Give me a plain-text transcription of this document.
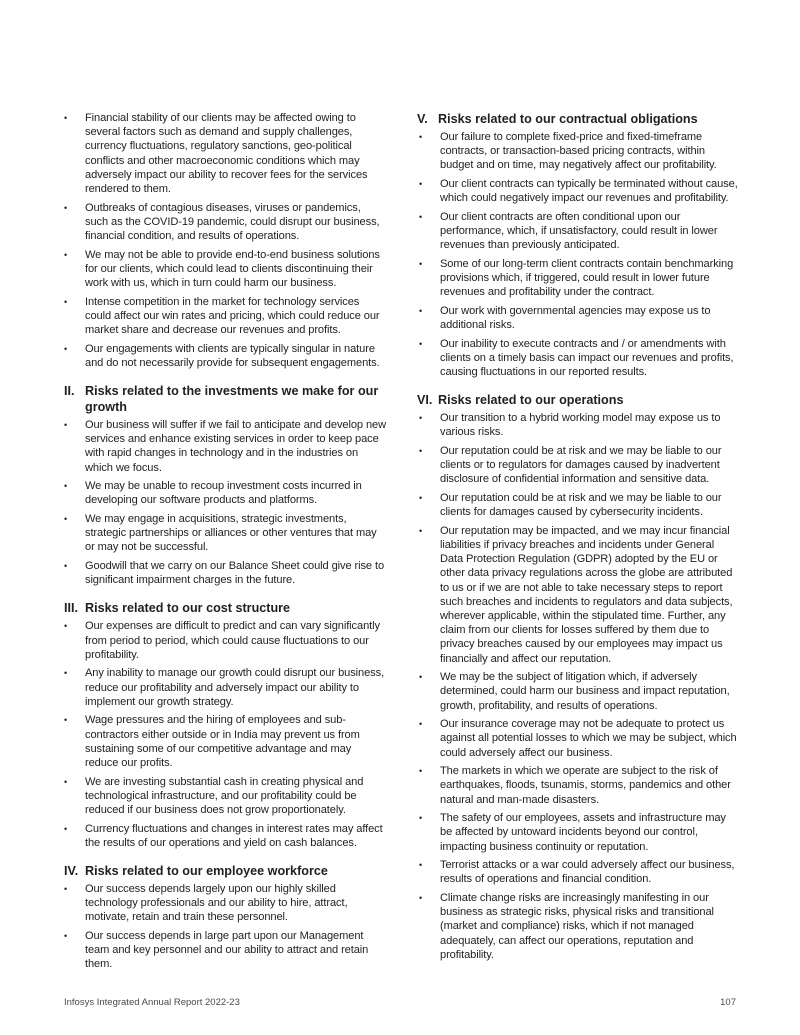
• Financial stability of our clients may be affected owing to several factors such as demand and supply challenges, currency fluctuations, regulatory sanctions, geo-political conflicts and other macroeconomic conditions which may adversely impact our ability to recover fees for the services rendered to them.
• Outbreaks of contagious diseases, viruses or pandemics, such as the COVID-19 pandemic, could disrupt our business, financial condition, and results of operations.
• We may not be able to provide end-to-end business solutions for our clients, which could lead to clients discontinuing their work with us, which in turn could harm our business.
• Intense competition in the market for technology services could affect our win rates and pricing, which could reduce our market share and decrease our revenues and profits.
• Our engagements with clients are typically singular in nature and do not necessarily provide for subsequent engagements.
II. Risks related to the investments we make for our growth
• Our business will suffer if we fail to anticipate and develop new services and enhance existing services in order to keep pace with rapid changes in technology and in the industries on which we focus.
• We may be unable to recoup investment costs incurred in developing our software products and platforms.
• We may engage in acquisitions, strategic investments, strategic partnerships or alliances or other ventures that may or may not be successful.
• Goodwill that we carry on our Balance Sheet could give rise to significant impairment charges in the future.
III. Risks related to our cost structure
• Our expenses are difficult to predict and can vary significantly from period to period, which could cause fluctuations to our profitability.
• Any inability to manage our growth could disrupt our business, reduce our profitability and adversely impact our ability to implement our growth strategy.
• Wage pressures and the hiring of employees and sub-contractors either outside or in India may prevent us from sustaining some of our competitive advantage and may reduce our profits.
• We are investing substantial cash in creating physical and technological infrastructure, and our profitability could be reduced if our business does not grow proportionately.
• Currency fluctuations and changes in interest rates may affect the results of our operations and yield on cash balances.
IV. Risks related to our employee workforce
• Our success depends largely upon our highly skilled technology professionals and our ability to hire, attract, motivate, retain and train these personnel.
• Our success depends in large part upon our Management team and key personnel and our ability to attract and retain them.
V. Risks related to our contractual obligations
• Our failure to complete fixed-price and fixed-timeframe contracts, or transaction-based pricing contracts, within budget and on time, may negatively affect our profitability.
• Our client contracts can typically be terminated without cause, which could negatively impact our revenues and profitability.
• Our client contracts are often conditional upon our performance, which, if unsatisfactory, could result in lower revenues than previously anticipated.
• Some of our long-term client contracts contain benchmarking provisions which, if triggered, could result in lower future revenues and profitability under the contract.
• Our work with governmental agencies may expose us to additional risks.
• Our inability to execute contracts and / or amendments with clients on a timely basis can impact our revenues and profits, causing fluctuations in our reported results.
VI. Risks related to our operations
• Our transition to a hybrid working model may expose us to various risks.
• Our reputation could be at risk and we may be liable to our clients or to regulators for damages caused by inadvertent disclosure of confidential information and sensitive data.
• Our reputation could be at risk and we may be liable to our clients for damages caused by cybersecurity incidents.
• Our reputation may be impacted, and we may incur financial liabilities if privacy breaches and incidents under General Data Protection Regulation (GDPR) adopted by the EU or other data privacy regulations across the globe are attributed to us or if we are not able to take necessary steps to report such breaches and incidents to regulators and data subjects, wherever applicable, within the stipulated time. Further, any claim from our clients for losses suffered by them due to privacy breaches caused by our employees may impact us financially and affect our reputation.
• We may be the subject of litigation which, if adversely determined, could harm our business and impact reputation, growth, profitability, and results of operations.
• Our insurance coverage may not be adequate to protect us against all potential losses to which we may be subject, which could adversely affect our business.
• The markets in which we operate are subject to the risk of earthquakes, floods, tsunamis, storms, pandemics and other natural and man-made disasters.
• The safety of our employees, assets and infrastructure may be affected by untoward incidents beyond our control, impacting business continuity or reputation.
• Terrorist attacks or a war could adversely affect our business, results of operations and financial condition.
• Climate change risks are increasingly manifesting in our business as strategic risks, physical risks and transitional (market and compliance) risks, which if not managed adequately, can affect our operations, reputation and profitability.
Infosys Integrated Annual Report 2022-23	107
